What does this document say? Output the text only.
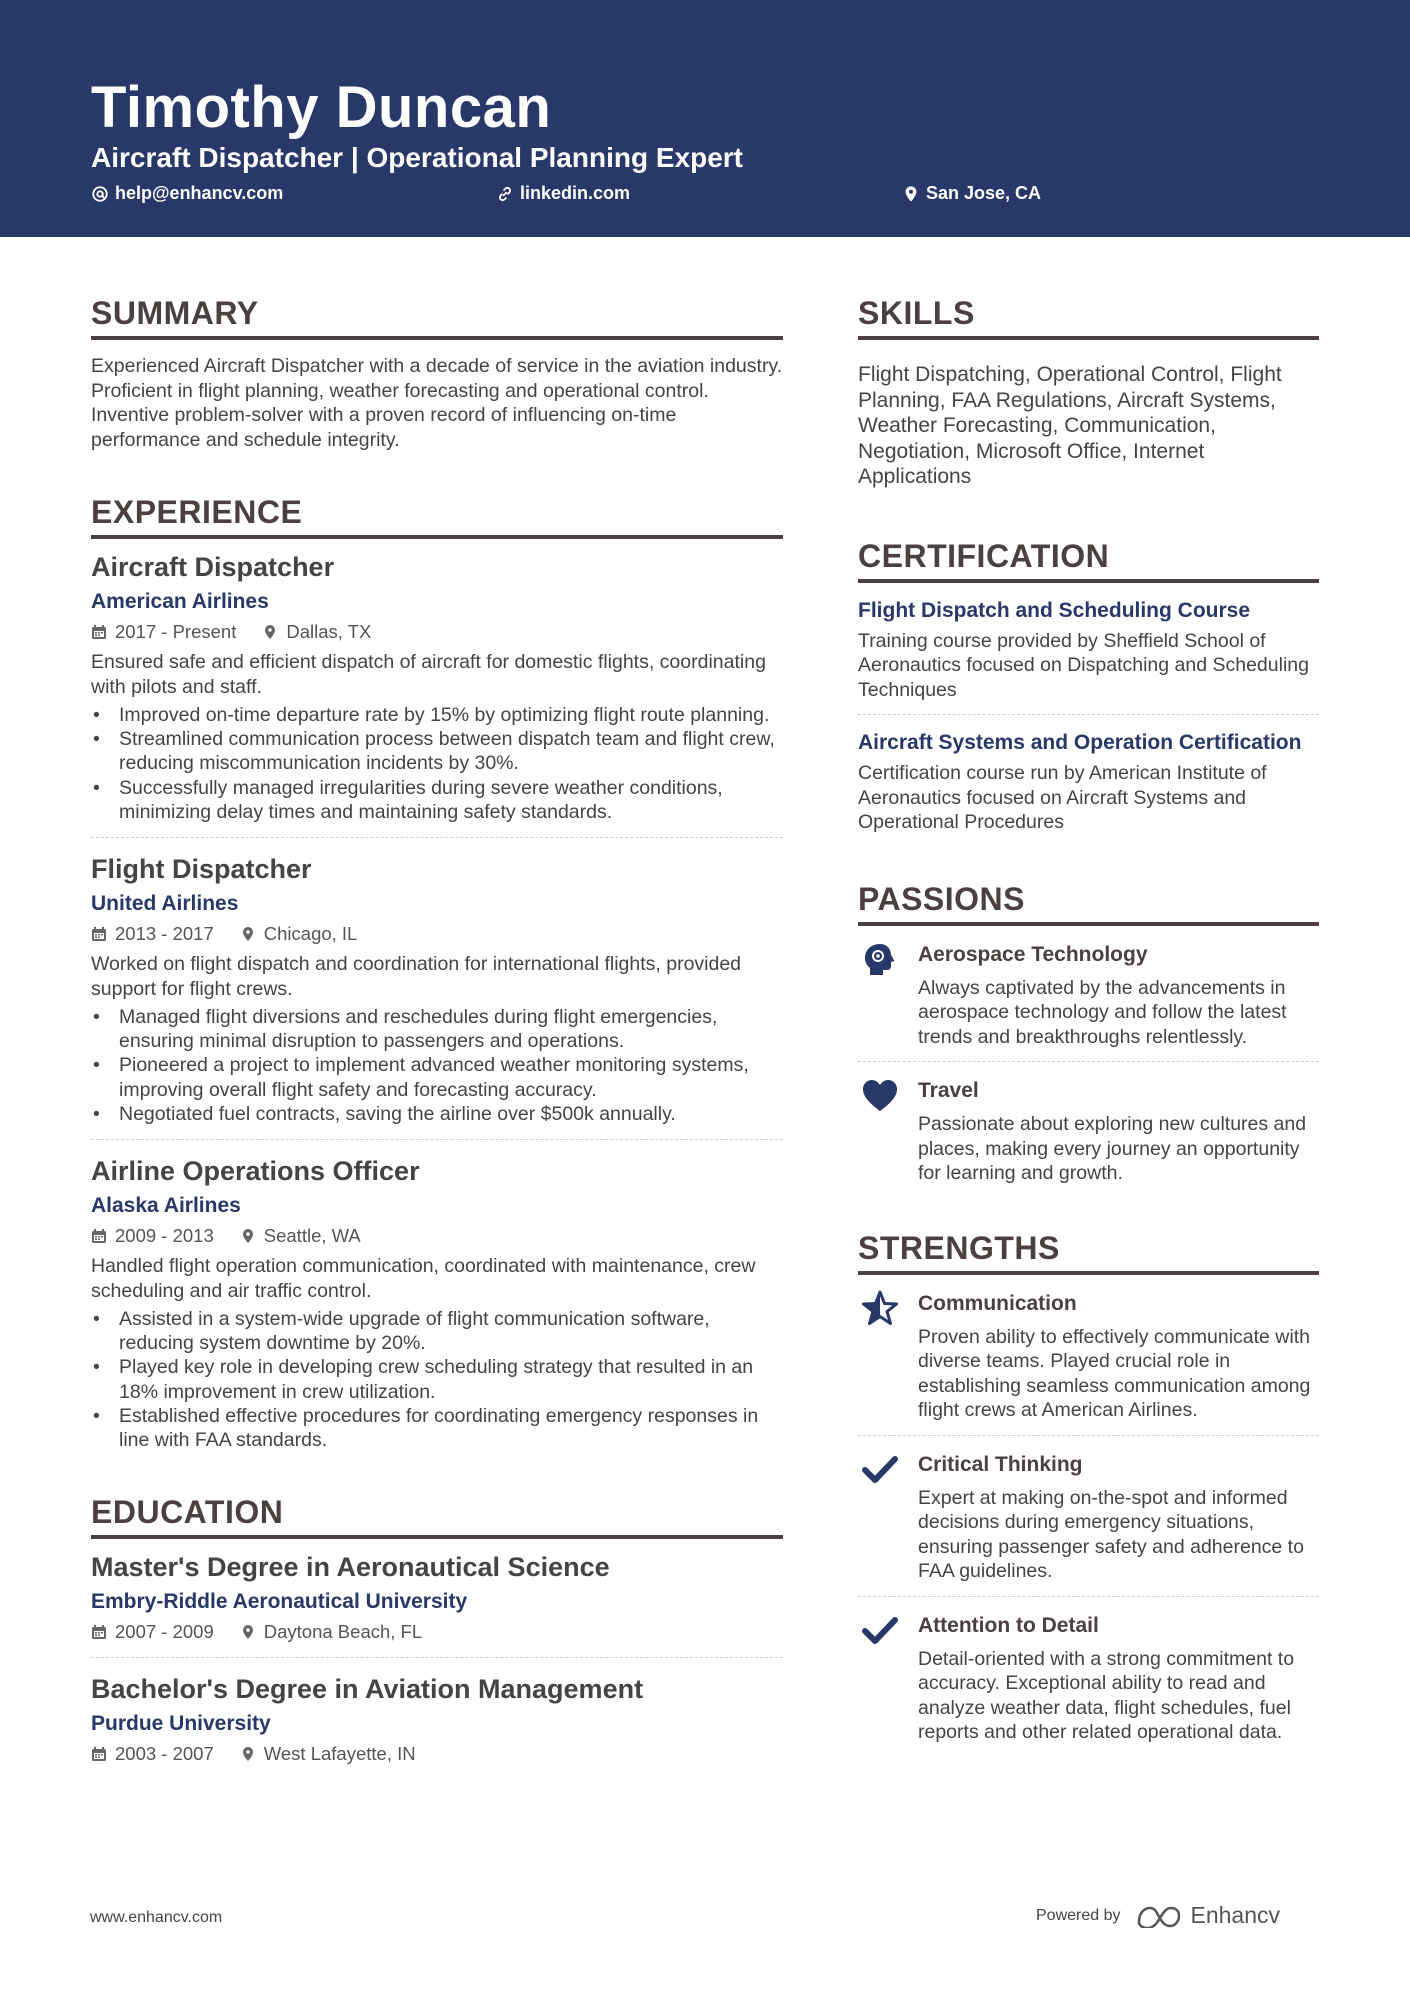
Timothy Duncan
Aircraft Dispatcher | Operational Planning Expert
help@enhancv.com	linkedin.com	San Jose, CA
SUMMARY
Experienced Aircraft Dispatcher with a decade of service in the aviation industry. Proficient in flight planning, weather forecasting and operational control. Inventive problem-solver with a proven record of influencing on-time performance and schedule integrity.
EXPERIENCE
Aircraft Dispatcher
American Airlines
2017 - Present	Dallas, TX
Ensured safe and efficient dispatch of aircraft for domestic flights, coordinating with pilots and staff.
• Improved on-time departure rate by 15% by optimizing flight route planning.
• Streamlined communication process between dispatch team and flight crew, reducing miscommunication incidents by 30%.
• Successfully managed irregularities during severe weather conditions, minimizing delay times and maintaining safety standards.
Flight Dispatcher
United Airlines
2013 - 2017	Chicago, IL
Worked on flight dispatch and coordination for international flights, provided support for flight crews.
• Managed flight diversions and reschedules during flight emergencies, ensuring minimal disruption to passengers and operations.
• Pioneered a project to implement advanced weather monitoring systems, improving overall flight safety and forecasting accuracy.
• Negotiated fuel contracts, saving the airline over $500k annually.
Airline Operations Officer
Alaska Airlines
2009 - 2013	Seattle, WA
Handled flight operation communication, coordinated with maintenance, crew scheduling and air traffic control.
• Assisted in a system-wide upgrade of flight communication software, reducing system downtime by 20%.
• Played key role in developing crew scheduling strategy that resulted in an 18% improvement in crew utilization.
• Established effective procedures for coordinating emergency responses in line with FAA standards.
EDUCATION
Master's Degree in Aeronautical Science
Embry-Riddle Aeronautical University
2007 - 2009	Daytona Beach, FL
Bachelor's Degree in Aviation Management
Purdue University
2003 - 2007	West Lafayette, IN
SKILLS
Flight Dispatching, Operational Control, Flight Planning, FAA Regulations, Aircraft Systems, Weather Forecasting, Communication, Negotiation, Microsoft Office, Internet Applications
CERTIFICATION
Flight Dispatch and Scheduling Course
Training course provided by Sheffield School of Aeronautics focused on Dispatching and Scheduling Techniques
Aircraft Systems and Operation Certification
Certification course run by American Institute of Aeronautics focused on Aircraft Systems and Operational Procedures
PASSIONS
Aerospace Technology
Always captivated by the advancements in aerospace technology and follow the latest trends and breakthroughs relentlessly.
Travel
Passionate about exploring new cultures and places, making every journey an opportunity for learning and growth.
STRENGTHS
Communication
Proven ability to effectively communicate with diverse teams. Played crucial role in establishing seamless communication among flight crews at American Airlines.
Critical Thinking
Expert at making on-the-spot and informed decisions during emergency situations, ensuring passenger safety and adherence to FAA guidelines.
Attention to Detail
Detail-oriented with a strong commitment to accuracy. Exceptional ability to read and analyze weather data, flight schedules, fuel reports and other related operational data.
www.enhancv.com	Powered by	Enhancv
